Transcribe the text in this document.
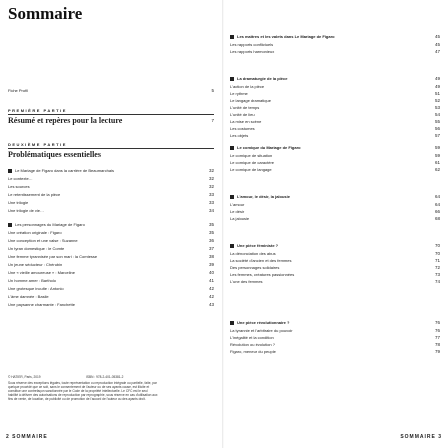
Sommaire
Fiche Profil	5
PREMIÈRE PARTIE
Résumé et repères pour la lecture	7
DEUXIÈME PARTIE
Problématiques essentielles
Le Mariage de Figaro dans la carrière de Beaumarchais	32
Le contexte…	32
Les sources	32
Le retentissement de la pièce	33
Une trilogie	33
Une trilogie de vie…	34
Les personnages du Mariage de Figaro	35
Une création originale : Figaro	35
Une conception et une valse : Suzanne	36
Un tyran domestique : le Comte	37
Une femme tyrannisée par son mari : la Comtesse	38
Un jeune séducteur : Chérubin	39
Une « vieille amoureuse » : Marceline	40
Un homme amer : Bartholo	41
Une grotesque inculte : Antonio	42
L'âme damnée : Basile	42
Une paysanne charmante : Fanchette	43
© HATIER, Paris, 2019	ISBN : 978-2-401-05381-2
Sous réserve des exceptions légales, toute représentation ou reproduction intégrale ou partielle, faite, par quelque procédé que ce soit, sans le consentement de l'auteur ou de ses ayants cause, est illicite et constitue une contrefaçon sanctionnée par le Code de la propriété intellectuelle. Le CFC est le seul habilité à délivrer des autorisations de reproduction par reprographie, sous réserve en cas d'utilisation aux fins de vente, de location, de publicité ou de promotion de l'accord de l'auteur ou des ayants droit.
2 SOMMAIRE
Les maîtres et les valets dans Le Mariage de Figaro	45
Les rapports conflictuels	45
Les rapports harmonieux	47
La dramaturgie de la pièce	49
L'action de la pièce	49
Le rythme	51
Le langage dramatique	52
L'unité de temps	53
L'unité de lieu	54
La mise en scène	55
Les costumes	56
Les objets	57
Le comique du Mariage de Figaro	59
Le comique de situation	59
Le comique de caractère	61
Le comique de langage	62
L'amour, le désir, la jalousie	64
L'amour	64
Le désir	66
La jalousie	68
Une pièce féministe ?	70
La dénonciation des abus	70
La société d'ancien et des femmes	71
Des personnages solidaires	72
Les femmes, créatures passionnées	73
L'une des femmes	74
Une pièce révolutionnaire ?	76
La tyrannie et l'arbitraire du pouvoir	76
L'inégalité et la condition	77
Révolution ou évolution ?	78
Figaro, meneur du peuple	79
SOMMAIRE 3
